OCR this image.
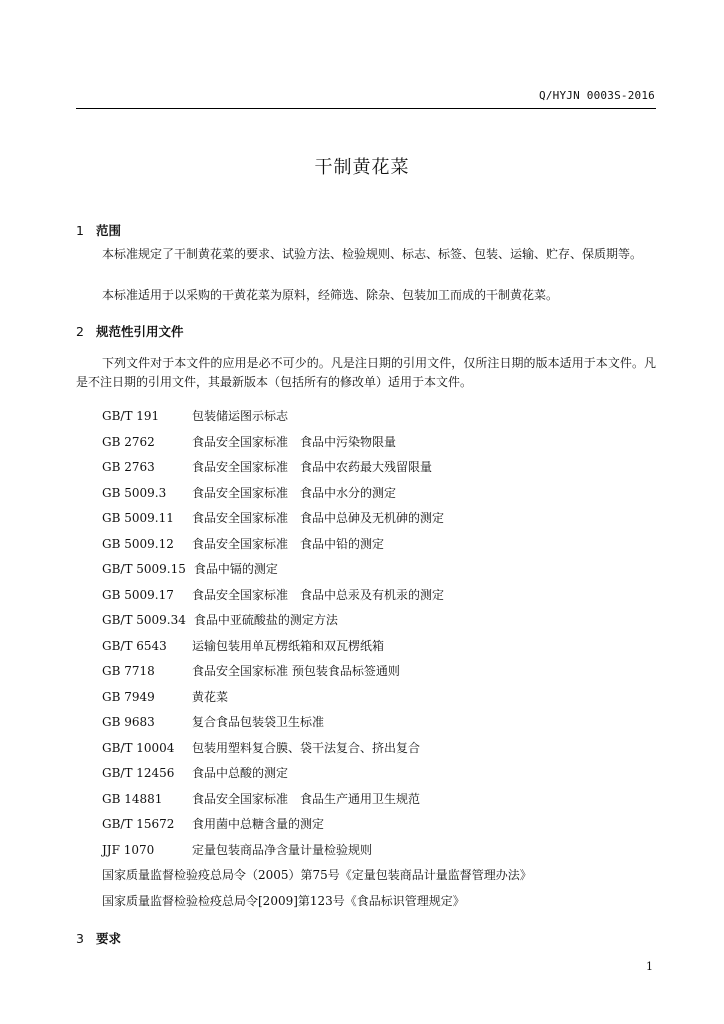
Q/HYJN 0003S-2016
干制黄花菜
1 范围
本标准规定了干制黄花菜的要求、试验方法、检验规则、标志、标签、包装、运输、贮存、保质期等。
本标准适用于以采购的干黄花菜为原料，经筛选、除杂、包装加工而成的干制黄花菜。
2 规范性引用文件
下列文件对于本文件的应用是必不可少的。凡是注日期的引用文件，仅所注日期的版本适用于本文件。凡是不注日期的引用文件，其最新版本（包括所有的修改单）适用于本文件。
GB/T 191	包装储运图示标志
GB 2762	食品安全国家标准　食品中污染物限量
GB 2763	食品安全国家标准　食品中农药最大残留限量
GB 5009.3 食品安全国家标准　食品中水分的测定
GB 5009.11 食品安全国家标准　食品中总砷及无机砷的测定
GB 5009.12 食品安全国家标准　食品中铅的测定
GB/T 5009.15 食品中镉的测定
GB 5009.17 食品安全国家标准　食品中总汞及有机汞的测定
GB/T 5009.34 食品中亚硫酸盐的测定方法
GB/T 6543 运输包装用单瓦楞纸箱和双瓦楞纸箱
GB 7718	食品安全国家标准 预包装食品标签通则
GB 7949	黄花菜
GB 9683	复合食品包装袋卫生标准
GB/T 10004 包装用塑料复合膜、袋干法复合、挤出复合
GB/T 12456 食品中总酸的测定
GB 14881 食品安全国家标准　食品生产通用卫生规范
GB/T 15672 食用菌中总糖含量的测定
JJF 1070	定量包装商品净含量计量检验规则
国家质量监督检验疫总局令（2005）第75号《定量包装商品计量监督管理办法》
国家质量监督检验检疫总局令[2009]第123号《食品标识管理规定》
3 要求
1
